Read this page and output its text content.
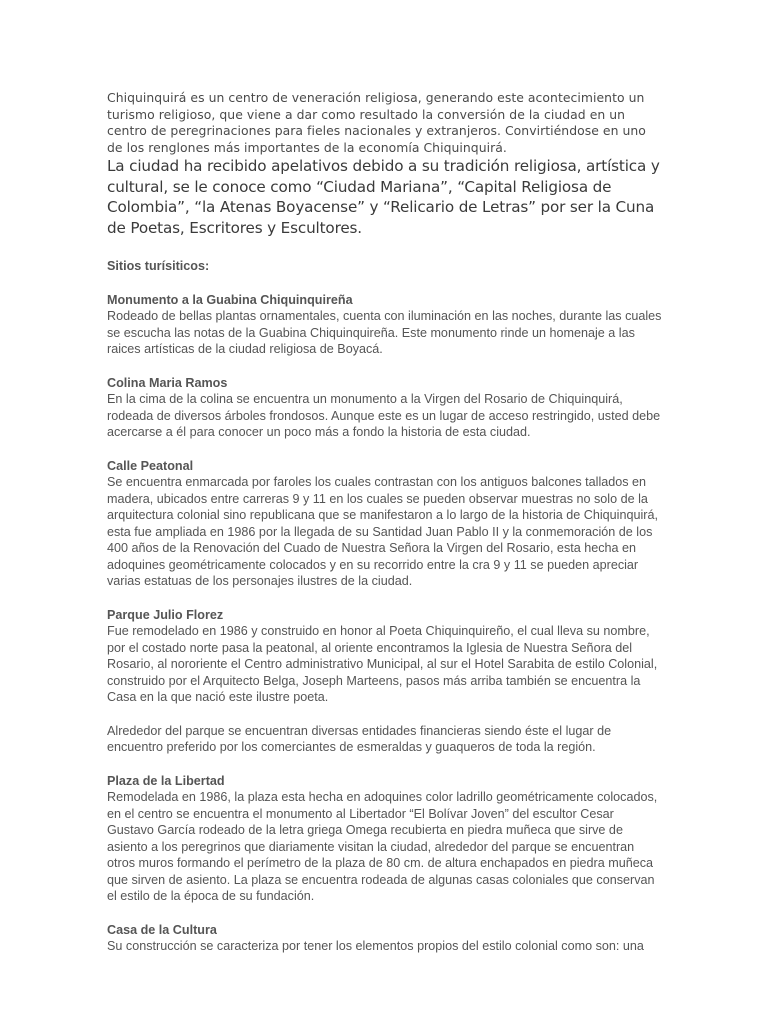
Chiquinquirá es un centro de veneración religiosa, generando este acontecimiento un turismo religioso, que viene a dar como resultado la conversión de la ciudad en un centro de peregrinaciones para fieles nacionales y extranjeros. Convirtiéndose en uno de los renglones más importantes de la economía Chiquinquirá.

La ciudad ha recibido apelativos debido a su tradición religiosa, artística y cultural, se le conoce como “Ciudad Mariana”, “Capital Religiosa de Colombia”, “la Atenas Boyacense” y “Relicario de Letras” por ser la Cuna de Poetas, Escritores y Escultores.

Sitios turísiticos:

Monumento a la Guabina Chiquinquireña

Rodeado de bellas plantas ornamentales, cuenta con iluminación en las noches, durante las cuales se escucha las notas de la Guabina Chiquinquireña. Este monumento rinde un homenaje a las raices artísticas de la ciudad religiosa de Boyacá.

Colina Maria Ramos

En la cima de la colina se encuentra un monumento a la Virgen del Rosario de Chiquinquirá, rodeada de diversos árboles frondosos. Aunque este es un lugar de acceso restringido, usted debe acercarse a él para conocer un poco más a fondo la historia de esta ciudad.

Calle Peatonal

Se encuentra enmarcada por faroles los cuales contrastan con los antiguos balcones tallados en madera, ubicados entre carreras 9 y 11 en los cuales se pueden observar muestras no solo de la arquitectura colonial sino republicana que se manifestaron a lo largo de la historia de Chiquinquirá, esta fue ampliada en 1986 por la llegada de su Santidad Juan Pablo II y la conmemoración de los 400 años de la Renovación del Cuado de Nuestra Señora la Virgen del Rosario, esta hecha en adoquines geométricamente colocados y en su recorrido entre la cra 9 y 11 se pueden apreciar varias estatuas de los personajes ilustres de la ciudad.

Parque Julio Florez

Fue remodelado en 1986 y construido en honor al Poeta Chiquinquireño, el cual lleva su nombre, por el costado norte pasa la peatonal, al oriente encontramos la Iglesia de Nuestra Señora del Rosario, al nororiente el Centro administrativo Municipal, al sur el Hotel Sarabita de estilo Colonial, construido por el Arquitecto Belga, Joseph Marteens, pasos más arriba también se encuentra la Casa en la que nació este ilustre poeta.

Alrededor del parque se encuentran diversas entidades financieras siendo éste el lugar de encuentro preferido por los comerciantes de esmeraldas y guaqueros de toda la región.

Plaza de la Libertad

Remodelada en 1986, la plaza esta hecha en adoquines color ladrillo geométricamente colocados, en el centro se encuentra el monumento al Libertador “El Bolívar Joven” del escultor Cesar Gustavo García rodeado de la letra griega Omega recubierta en piedra muñeca que sirve de asiento a los peregrinos que diariamente visitan la ciudad, alrededor del parque se encuentran otros muros formando el perímetro de la plaza de 80 cm. de altura enchapados en piedra muñeca que sirven de asiento. La plaza se encuentra rodeada de algunas casas coloniales que conservan el estilo de la época de su fundación.

Casa de la Cultura

Su construcción se caracteriza por tener los elementos propios del estilo colonial como son: una
